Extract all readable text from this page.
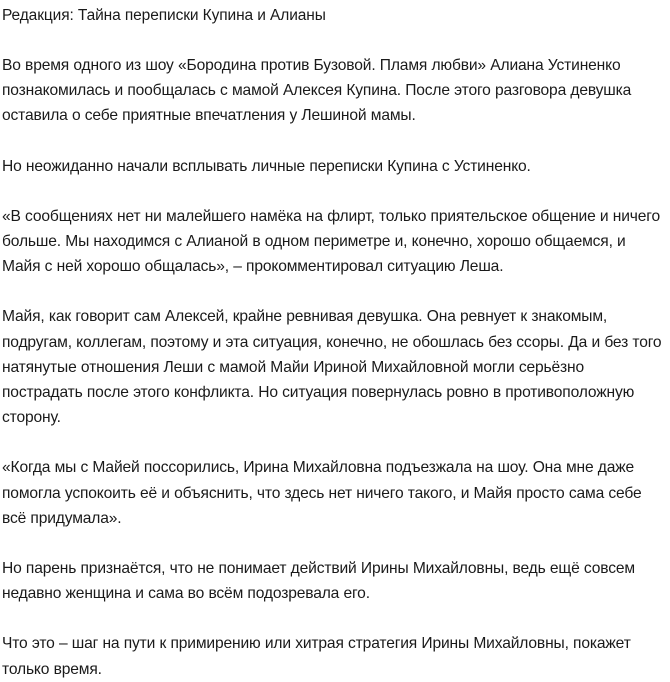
Редакция: Тайна переписки Купина и Алианы

Во время одного из шоу «Бородина против Бузовой. Пламя любви» Алиана Устиненко познакомилась и пообщалась с мамой Алексея Купина. После этого разговора девушка оставила о себе приятные впечатления у Лешиной мамы.

Но неожиданно начали всплывать личные переписки Купина с Устиненко.

«В сообщениях нет ни малейшего намёка на флирт, только приятельское общение и ничего больше. Мы находимся с Алианой в одном периметре и, конечно, хорошо общаемся, и Майя с ней хорошо общалась», – прокомментировал ситуацию Леша.

Майя, как говорит сам Алексей, крайне ревнивая девушка. Она ревнует к знакомым, подругам, коллегам, поэтому и эта ситуация, конечно, не обошлась без ссоры. Да и без того натянутые отношения Леши с мамой Майи Ириной Михайловной могли серьёзно пострадать после этого конфликта. Но ситуация повернулась ровно в противоположную сторону.

«Когда мы с Майей поссорились, Ирина Михайловна подъезжала на шоу. Она мне даже помогла успокоить её и объяснить, что здесь нет ничего такого, и Майя просто сама себе всё придумала».

Но парень признаётся, что не понимает действий Ирины Михайловны, ведь ещё совсем недавно женщина и сама во всём подозревала его.

Что это – шаг на пути к примирению или хитрая стратегия Ирины Михайловны, покажет только время.
